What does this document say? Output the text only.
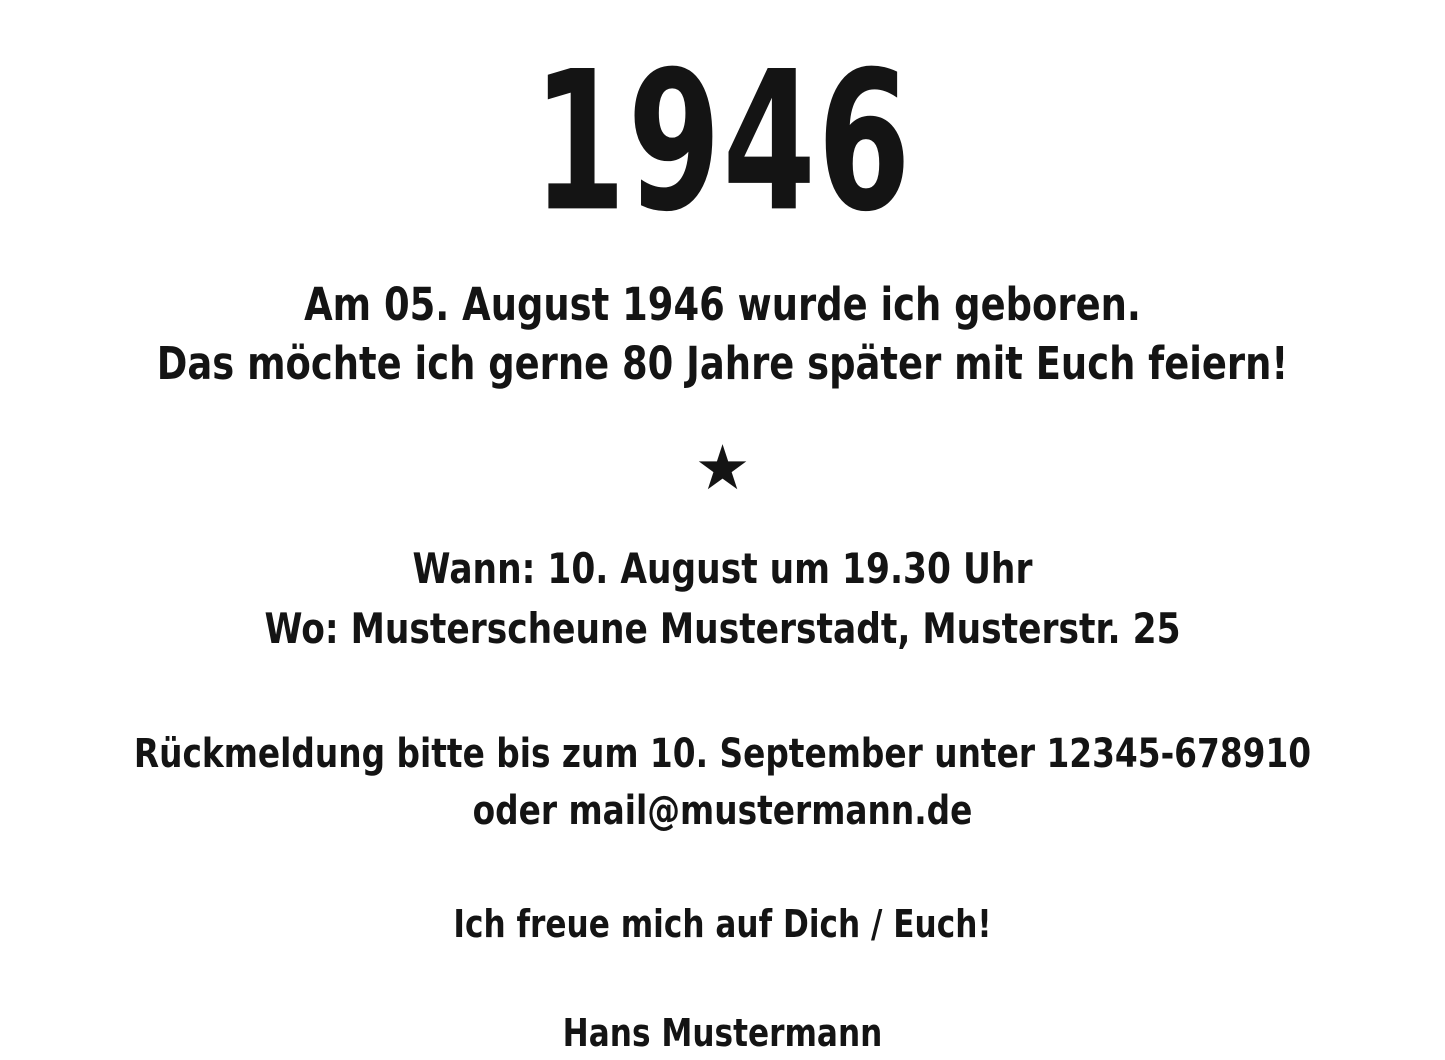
1946
Am 05. August 1946 wurde ich geboren.
Das möchte ich gerne 80 Jahre später mit Euch feiern!
★
Wann: 10. August um 19.30 Uhr
Wo: Musterscheune Musterstadt, Musterstr. 25
Rückmeldung bitte bis zum 10. September unter 12345-678910
oder mail@mustermann.de
Ich freue mich auf Dich / Euch!
Hans Mustermann
